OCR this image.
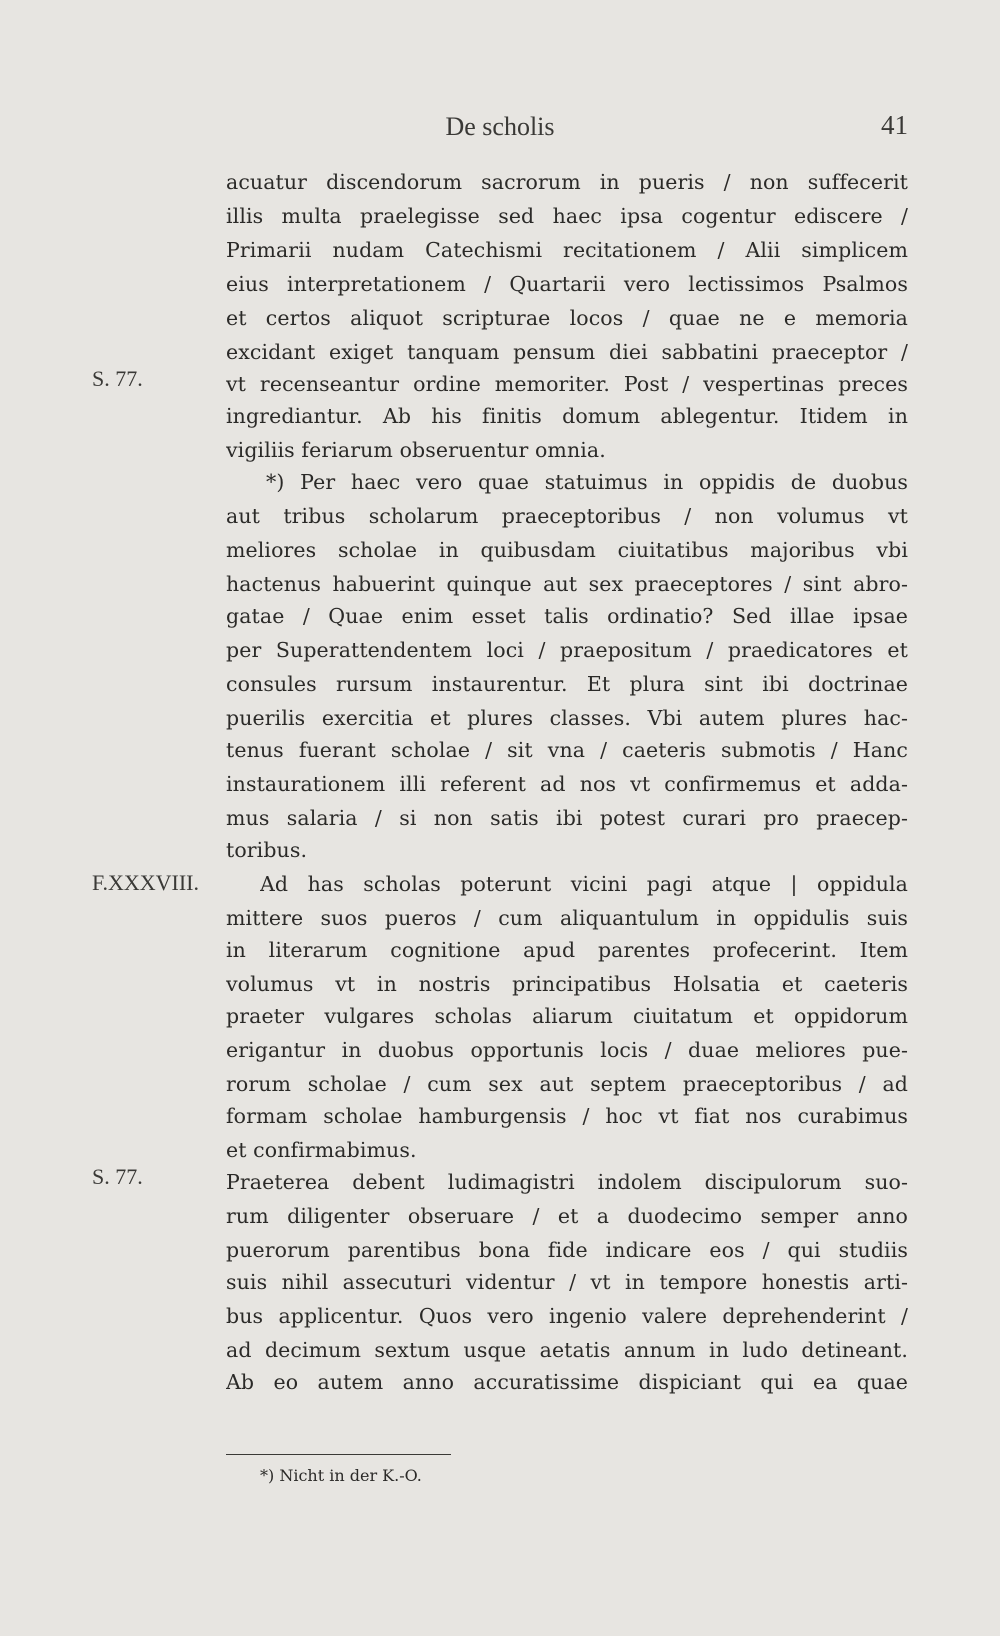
De scholis	41
S. 77.
F.XXXVIII.
S. 77.
acuatur discendorum sacrorum in pueris / non suffecerit
illis multa praelegisse sed haec ipsa cogentur ediscere /
Primarii nudam Catechismi recitationem / Alii simplicem
eius interpretationem / Quartarii vero lectissimos Psalmos
et certos aliquot scripturae locos / quae ne e memoria
excidant exiget tanquam pensum diei sabbatini praeceptor /
vt recenseantur ordine memoriter. Post / vespertinas preces
ingrediantur. Ab his finitis domum ablegentur. Itidem in
vigiliis feriarum obseruentur omnia.
*) Per haec vero quae statuimus in oppidis de duobus
aut tribus scholarum praeceptoribus / non volumus vt
meliores scholae in quibusdam ciuitatibus majoribus vbi
hactenus habuerint quinque aut sex praeceptores / sint abro-
gatae / Quae enim esset talis ordinatio? Sed illae ipsae
per Superattendentem loci / praepositum / praedicatores et
consules rursum instaurentur. Et plura sint ibi doctrinae
puerilis exercitia et plures classes. Vbi autem plures hac-
tenus fuerant scholae / sit vna / caeteris submotis / Hanc
instaurationem illi referent ad nos vt confirmemus et adda-
mus salaria / si non satis ibi potest curari pro praecep-
toribus.
Ad has scholas poterunt vicini pagi atque | oppidula
mittere suos pueros / cum aliquantulum in oppidulis suis
in literarum cognitione apud parentes profecerint. Item
volumus vt in nostris principatibus Holsatia et caeteris
praeter vulgares scholas aliarum ciuitatum et oppidorum
erigantur in duobus opportunis locis / duae meliores pue-
rorum scholae / cum sex aut septem praeceptoribus / ad
formam scholae hamburgensis / hoc vt fiat nos curabimus
et confirmabimus.
Praeterea debent ludimagistri indolem discipulorum suo-
rum diligenter obseruare / et a duodecimo semper anno
puerorum parentibus bona fide indicare eos / qui studiis
suis nihil assecuturi videntur / vt in tempore honestis arti-
bus applicentur. Quos vero ingenio valere deprehenderint /
ad decimum sextum usque aetatis annum in ludo detineant.
Ab eo autem anno accuratissime dispiciant qui ea quae
*) Nicht in der K.-O.
